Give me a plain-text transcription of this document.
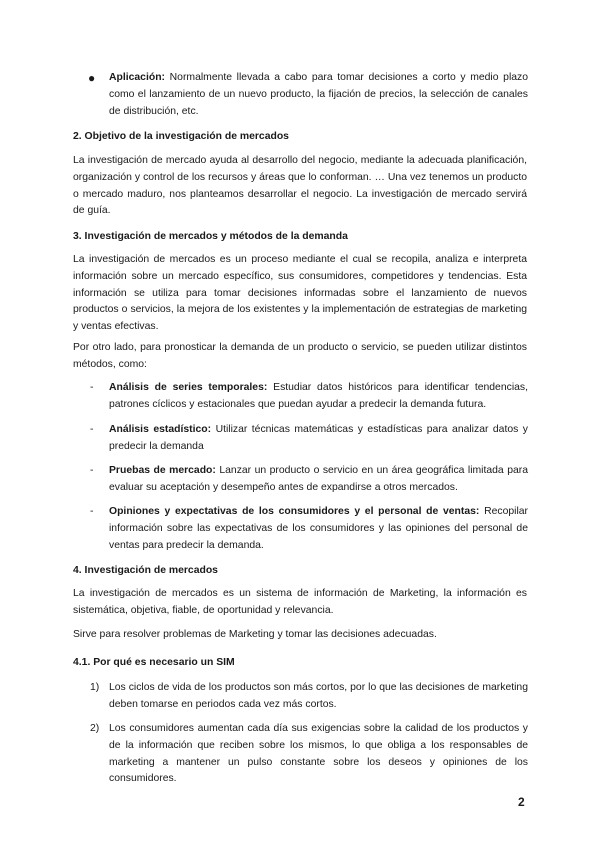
● Aplicación: Normalmente llevada a cabo para tomar decisiones a corto y medio plazo como el lanzamiento de un nuevo producto, la fijación de precios, la selección de canales de distribución, etc.

2. Objetivo de la investigación de mercados

La investigación de mercado ayuda al desarrollo del negocio, mediante la adecuada planificación, organización y control de los recursos y áreas que lo conforman. … Una vez tenemos un producto o mercado maduro, nos planteamos desarrollar el negocio. La investigación de mercado servirá de guía.

3. Investigación de mercados y métodos de la demanda

La investigación de mercados es un proceso mediante el cual se recopila, analiza e interpreta información sobre un mercado específico, sus consumidores, competidores y tendencias. Esta información se utiliza para tomar decisiones informadas sobre el lanzamiento de nuevos productos o servicios, la mejora de los existentes y la implementación de estrategias de marketing y ventas efectivas.

Por otro lado, para pronosticar la demanda de un producto o servicio, se pueden utilizar distintos métodos, como:

- Análisis de series temporales: Estudiar datos históricos para identificar tendencias, patrones cíclicos y estacionales que puedan ayudar a predecir la demanda futura.

- Análisis estadístico: Utilizar técnicas matemáticas y estadísticas para analizar datos y predecir la demanda

- Pruebas de mercado: Lanzar un producto o servicio en un área geográfica limitada para evaluar su aceptación y desempeño antes de expandirse a otros mercados.

- Opiniones y expectativas de los consumidores y el personal de ventas: Recopilar información sobre las expectativas de los consumidores y las opiniones del personal de ventas para predecir la demanda.

4. Investigación de mercados

La investigación de mercados es un sistema de información de Marketing, la información es sistemática, objetiva, fiable, de oportunidad y relevancia.

Sirve para resolver problemas de Marketing y tomar las decisiones adecuadas.

4.1. Por qué es necesario un SIM

1) Los ciclos de vida de los productos son más cortos, por lo que las decisiones de marketing deben tomarse en periodos cada vez más cortos.

2) Los consumidores aumentan cada día sus exigencias sobre la calidad de los productos y de la información que reciben sobre los mismos, lo que obliga a los responsables de marketing a mantener un pulso constante sobre los deseos y opiniones de los consumidores.

2
